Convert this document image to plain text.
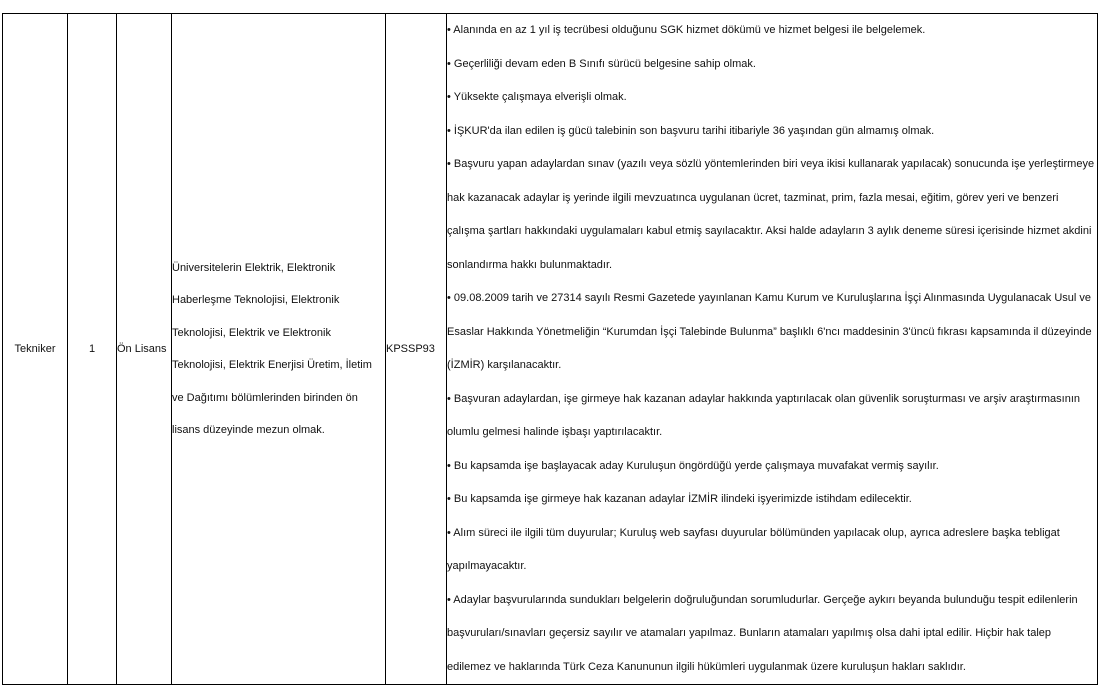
Tekniker	1	Ön Lisans	Üniversitelerin Elektrik, Elektronik Haberleşme Teknolojisi, Elektronik Teknolojisi, Elektrik ve Elektronik Teknolojisi, Elektrik Enerjisi Üretim, İletim ve Dağıtımı bölümlerinden birinden ön lisans düzeyinde mezun olmak.	KPSSP93	
• Alanında en az 1 yıl iş tecrübesi olduğunu SGK hizmet dökümü ve hizmet belgesi ile belgelemek.
• Geçerliliği devam eden B Sınıfı sürücü belgesine sahip olmak.
• Yüksekte çalışmaya elverişli olmak.
• İŞKUR'da ilan edilen iş gücü talebinin son başvuru tarihi itibariyle 36 yaşından gün almamış olmak.
• Başvuru yapan adaylardan sınav (yazılı veya sözlü yöntemlerinden biri veya ikisi kullanarak yapılacak) sonucunda işe yerleştirmeye hak kazanacak adaylar iş yerinde ilgili mevzuatınca uygulanan ücret, tazminat, prim, fazla mesai, eğitim, görev yeri ve benzeri çalışma şartları hakkındaki uygulamaları kabul etmiş sayılacaktır. Aksi halde adayların 3 aylık deneme süresi içerisinde hizmet akdini sonlandırma hakkı bulunmaktadır.
• 09.08.2009 tarih ve 27314 sayılı Resmi Gazetede yayınlanan Kamu Kurum ve Kuruluşlarına İşçi Alınmasında Uygulanacak Usul ve Esaslar Hakkında Yönetmeliğin “Kurumdan İşçi Talebinde Bulunma” başlıklı 6'ncı maddesinin 3'üncü fıkrası kapsamında il düzeyinde (İZMİR) karşılanacaktır.
• Başvuran adaylardan, işe girmeye hak kazanan adaylar hakkında yaptırılacak olan güvenlik soruşturması ve arşiv araştırmasının olumlu gelmesi halinde işbaşı yaptırılacaktır.
• Bu kapsamda işe başlayacak aday Kuruluşun öngördüğü yerde çalışmaya muvafakat vermiş sayılır.
• Bu kapsamda işe girmeye hak kazanan adaylar İZMİR ilindeki işyerimizde istihdam edilecektir.
• Alım süreci ile ilgili tüm duyurular; Kuruluş web sayfası duyurular bölümünden yapılacak olup, ayrıca adreslere başka tebligat yapılmayacaktır.
• Adaylar başvurularında sundukları belgelerin doğruluğundan sorumludurlar. Gerçeğe aykırı beyanda bulunduğu tespit edilenlerin başvuruları/sınavları geçersiz sayılır ve atamaları yapılmaz. Bunların atamaları yapılmış olsa dahi iptal edilir. Hiçbir hak talep edilemez ve haklarında Türk Ceza Kanununun ilgili hükümleri uygulanmak üzere kuruluşun hakları saklıdır.
